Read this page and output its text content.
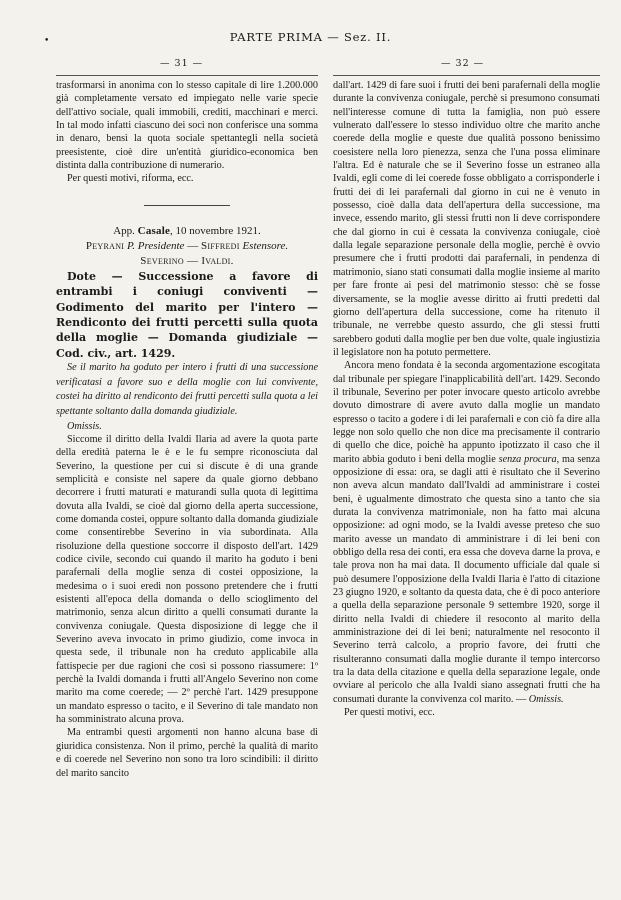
•	PARTE PRIMA — Sez. II.
— 31 —	— 32 —

trasformarsi in anonima con lo stesso capitale di lire 1.200.000 già completamente versato ed impiegato nelle varie specie dell'attivo sociale, quali immobili, crediti, macchinari e merci. In tal modo infatti ciascuno dei soci non conferisce una somma in denaro, bensì la quota sociale spettantegli nella società preesistente, cioè dire un'entità giuridico-economica ben distinta dalla contribuzione di numerario.

Per questi motivi, riforma, ecc.

App. Casale, 10 novembre 1921.

Peyrani P. Presidente — Siffredi Estensore.

Severino — Ivaldi.

Dote — Successione a favore di entrambi i coniugi conviventi — Godimento del marito per l'intero — Rendiconto dei frutti percetti sulla quota della moglie — Domanda giudiziale — Cod. civ., art. 1429.

Se il marito ha goduto per intero i frutti di una successione verificatasi a favore suo e della moglie con lui convivente, costei ha diritto al rendiconto dei frutti percetti sulla quota a lei spettante soltanto dalla domanda giudiziale.

Omissis.

Siccome il diritto della Ivaldi Ilaria ad avere la quota parte della eredità paterna le è e le fu sempre riconosciuta dal Severino, la questione per cui si discute è di una grande semplicità e consiste nel sapere da quale giorno debbano decorrere i frutti maturati e maturandi sulla quota di legittima dovuta alla Ivaldi, se cioè dal giorno della aperta successione, come domanda costei, oppure soltanto dalla domanda giudiziale come consentirebbe Severino in via subordinata. Alla risoluzione della questione soccorre il disposto dell'art. 1429 codice civile, secondo cui quando il marito ha goduto i beni parafernali della moglie senza di costei opposizione, la medesima o i suoi eredi non possono pretendere che i frutti esistenti all'epoca della domanda o dello scioglimento del matrimonio, senza alcun diritto a quelli consumati durante la convivenza coniugale. Questa disposizione di legge che il Severino aveva invocato in primo giudizio, come invoca in questa sede, il tribunale non ha creduto applicabile alla fattispecie per due ragioni che così si possono riassumere: 1º perchè la Ivaldi domanda i frutti all'Angelo Severino non come marito ma come coerede; — 2º perchè l'art. 1429 presuppone un mandato espresso o tacito, e il Severino di tale mandato non ha somministrato alcuna prova.

Ma entrambi questi argomenti non hanno alcuna base di giuridica consistenza. Non il primo, perchè la qualità di marito e di coerede nel Severino non sono tra loro scindibili: il diritto del marito sancito

dall'art. 1429 di fare suoi i frutti dei beni parafernali della moglie durante la convivenza coniugale, perchè si presumono consumati nell'interesse comune di tutta la famiglia, non può essere vulnerato dall'essere lo stesso individuo oltre che marito anche coerede della moglie e queste due qualità possono benissimo coesistere nella loro pienezza, senza che l'una possa eliminare l'altra. Ed è naturale che se il Severino fosse un estraneo alla Ivaldi, egli come di lei coerede fosse obbligato a corrisponderle i frutti dei di lei parafernali dal giorno in cui ne è venuto in possesso, cioè dalla data dell'apertura della successione, ma invece, essendo marito, gli stessi frutti non li deve corrispondere che dal giorno in cui è cessata la convivenza coniugale, cioè dalla legale separazione personale della moglie, perchè è ovvio presumere che i frutti prodotti dai parafernali, in pendenza di matrimonio, siano stati consumati dalla moglie insieme al marito per fare fronte ai pesi del matrimonio stesso: chè se fosse diversamente, se la moglie avesse diritto ai frutti predetti dal giorno dell'apertura della successione, come ha ritenuto il tribunale, ne verrebbe questo assurdo, che gli stessi frutti sarebbero goduti dalla moglie per ben due volte, quale ingiustizia il legislatore non ha potuto permettere.

Ancora meno fondata è la seconda argomentazione escogitata dal tribunale per spiegare l'inapplicabilità dell'art. 1429. Secondo il tribunale, Severino per poter invocare questo articolo avrebbe dovuto dimostrare di avere avuto dalla moglie un mandato espresso o tacito a godere i di lei parafernali e con ciò fa dire alla legge non solo quello che non dice ma precisamente il contrario di quello che dice, poichè ha appunto ipotizzato il caso che il marito abbia goduto i beni della moglie senza procura, ma senza opposizione di essa: ora, se dagli atti è risultato che il Severino non aveva alcun mandato dall'Ivaldi ad amministrare i costei beni, è ugualmente dimostrato che questa sino a tanto che sia durata la convivenza matrimoniale, non ha fatto mai alcuna opposizione: ad ogni modo, se la Ivaldi avesse preteso che suo marito avesse un mandato di amministrare i di lei beni con obbligo della resa dei conti, era essa che doveva darne la prova, e tale prova non ha mai data. Il documento ufficiale dal quale si può desumere l'opposizione della Ivaldi Ilaria è l'atto di citazione 23 giugno 1920, e soltanto da questa data, che è di poco anteriore a quella della separazione personale 9 settembre 1920, sorge il diritto nella Ivaldi di chiedere il resoconto al marito della amministrazione dei di lei beni; naturalmente nel resoconto il Severino terrà calcolo, a proprio favore, dei frutti che risulteranno consumati dalla moglie durante il tempo intercorso tra la data della citazione e quella della separazione legale, onde ovviare al pericolo che alla Ivaldi siano assegnati frutti che ha consumati durante la convivenza col marito. — Omissis.

Per questi motivi, ecc.
